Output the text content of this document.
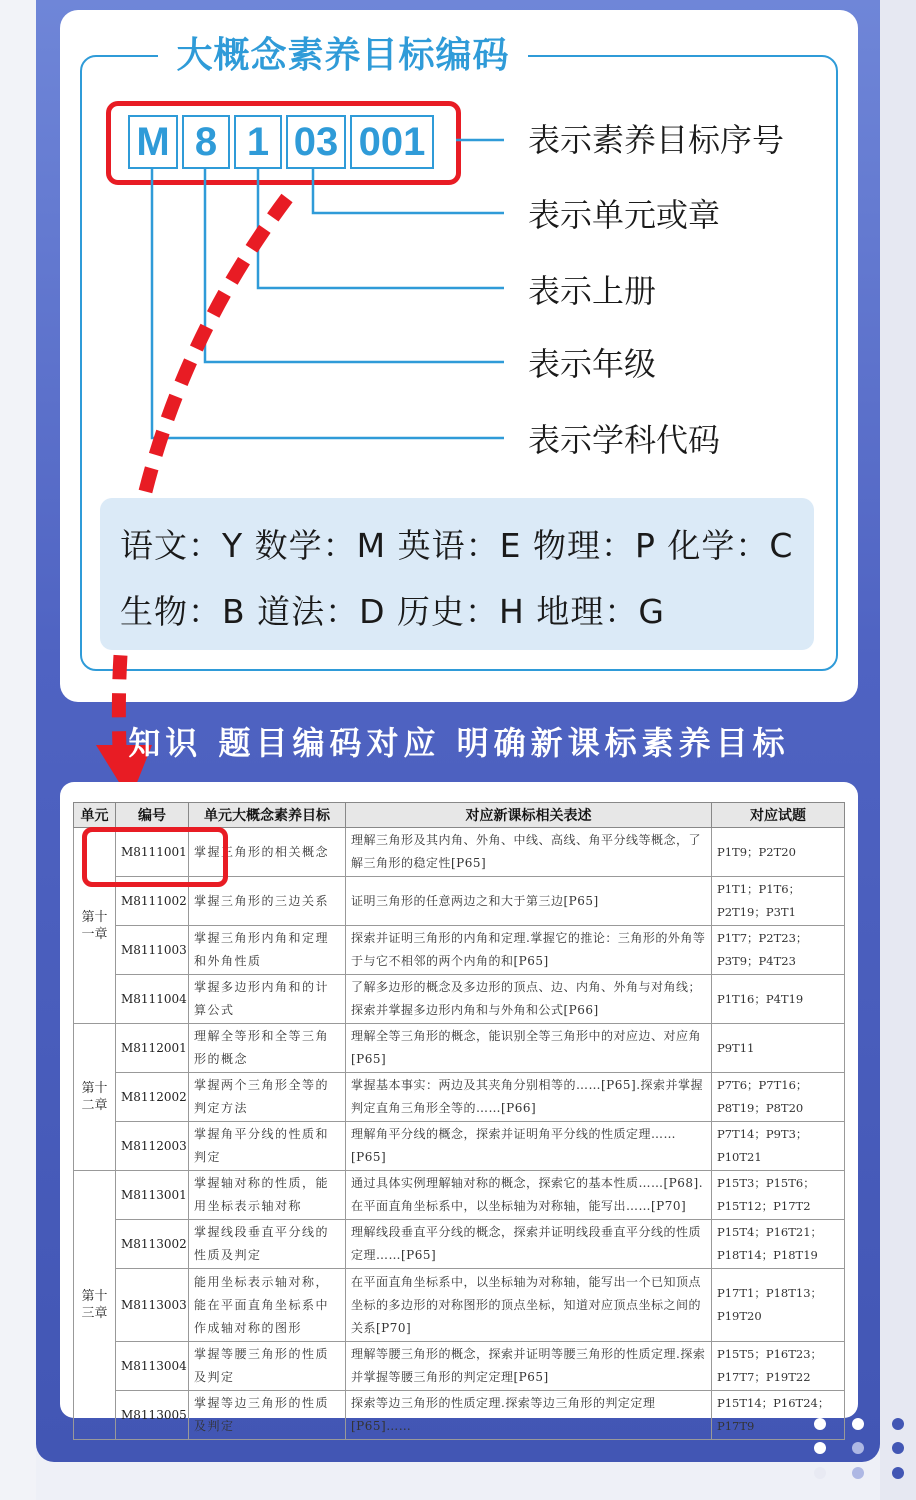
大概念素养目标编码
M 8 1 03 001	表示素养目标序号
表示单元或章
表示上册
表示年级
表示学科代码
语文：Y 数学：M 英语：E 物理：P 化学：C
生物：B 道法：D 历史：H 地理：G
知识 题目编码对应 明确新课标素养目标
单元	编号	单元大概念素养目标	对应新课标相关表述	对应试题
第十一章	M8111001	掌握三角形的相关概念	理解三角形及其内角、外角、中线、高线、角平分线等概念，了解三角形的稳定性[P65]	P1T9；P2T20
	M8111002	掌握三角形的三边关系	证明三角形的任意两边之和大于第三边[P65]	P1T1；P1T6；P2T19；P3T1
	M8111003	掌握三角形内角和定理和外角性质	探索并证明三角形的内角和定理.掌握它的推论：三角形的外角等于与它不相邻的两个内角的和[P65]	P1T7；P2T23；P3T9；P4T23
	M8111004	掌握多边形内角和的计算公式	了解多边形的概念及多边形的顶点、边、内角、外角与对角线；探索并掌握多边形内角和与外角和公式[P66]	P1T16；P4T19
第十二章	M8112001	理解全等形和全等三角形的概念	理解全等三角形的概念，能识别全等三角形中的对应边、对应角[P65]	P9T11
	M8112002	掌握两个三角形全等的判定方法	掌握基本事实：两边及其夹角分别相等的……[P65].探索并掌握判定直角三角形全等的……[P66]	P7T6；P7T16；P8T19；P8T20
	M8112003	掌握角平分线的性质和判定	理解角平分线的概念，探索并证明角平分线的性质定理……[P65]	P7T14；P9T3；P10T21
第十三章	M8113001	掌握轴对称的性质，能用坐标表示轴对称	通过具体实例理解轴对称的概念，探索它的基本性质……[P68].在平面直角坐标系中，以坐标轴为对称轴，能写出……[P70]	P15T3；P15T6；P15T12；P17T2
	M8113002	掌握线段垂直平分线的性质及判定	理解线段垂直平分线的概念，探索并证明线段垂直平分线的性质定理……[P65]	P15T4；P16T21；P18T14；P18T19
	M8113003	能用坐标表示轴对称，能在平面直角坐标系中作成轴对称的图形	在平面直角坐标系中，以坐标轴为对称轴，能写出一个已知顶点坐标的多边形的对称图形的顶点坐标，知道对应顶点坐标之间的关系[P70]	P17T1；P18T13；P19T20
	M8113004	掌握等腰三角形的性质及判定	理解等腰三角形的概念，探索并证明等腰三角形的性质定理.探索并掌握等腰三角形的判定定理[P65]	P15T5；P16T23；P17T7；P19T22
	M8113005	掌握等边三角形的性质及判定	探索等边三角形的性质定理.探索等边三角形的判定定理[P65]……	P15T14；P16T24；P17T9
